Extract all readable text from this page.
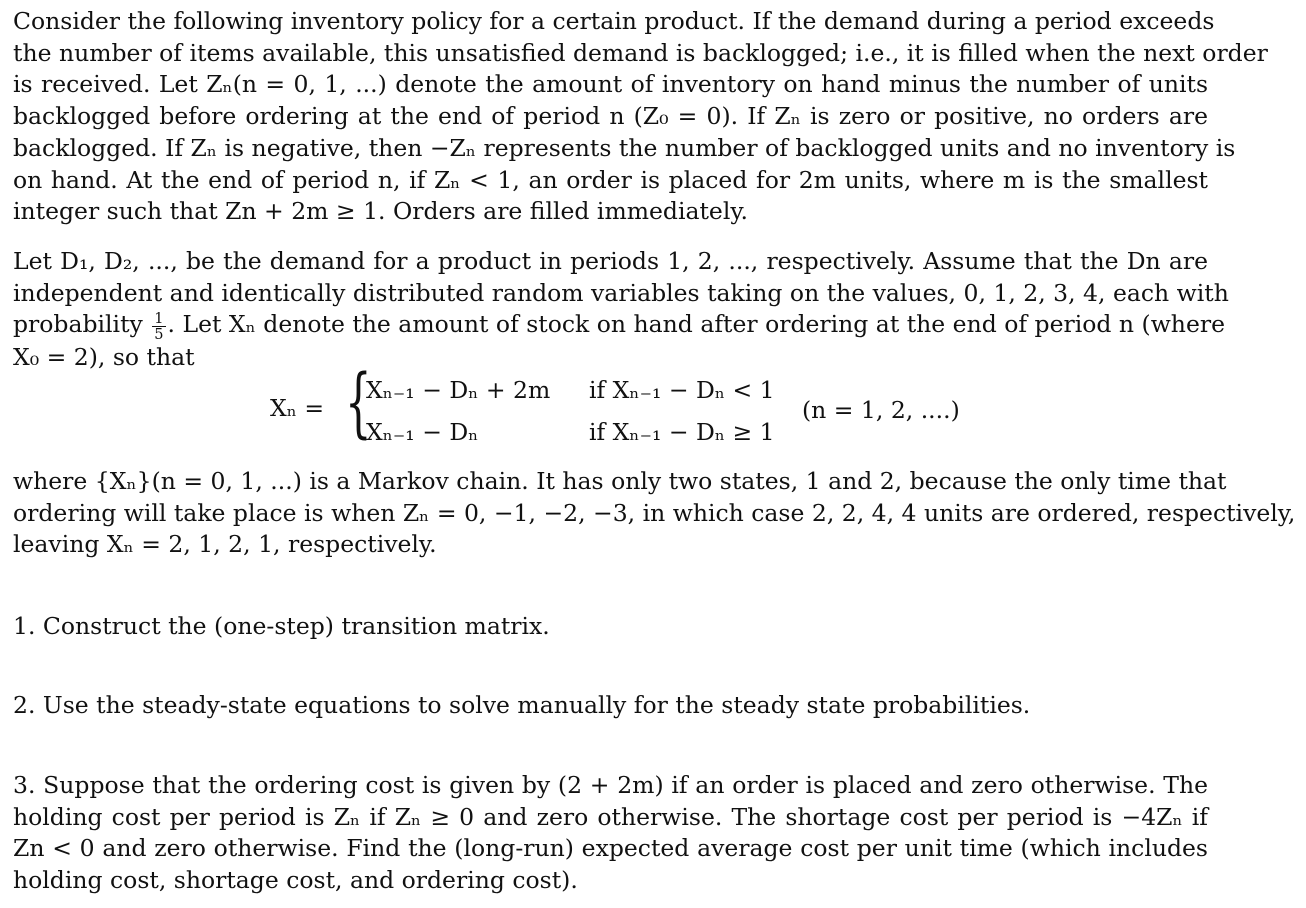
Consider the following inventory policy for a certain product. If the demand during a period exceeds
the number of items available, this unsatisfied demand is backlogged; i.e., it is filled when the next order
is received. Let Zₙ(n = 0, 1, ...) denote the amount of inventory on hand minus the number of units
backlogged before ordering at the end of period n (Z₀ = 0). If Zₙ is zero or positive, no orders are
backlogged. If Zₙ is negative, then −Zₙ represents the number of backlogged units and no inventory is
on hand. At the end of period n, if Zₙ < 1, an order is placed for 2m units, where m is the smallest
integer such that Zn + 2m ≥ 1. Orders are filled immediately.
Let D₁, D₂, ..., be the demand for a product in periods 1, 2, ..., respectively. Assume that the Dn are
independent and identically distributed random variables taking on the values, 0, 1, 2, 3, 4, each with
probability $\frac{1}{5}$ . Let Xₙ denote the amount of stock on hand after ordering at the end of period n (where
X₀ = 2), so that
Xₙ = {
Xₙ₋₁ − Dₙ + 2m if Xₙ₋₁ − Dₙ < 1
Xₙ₋₁ − Dₙ	if Xₙ₋₁ − Dₙ ≥ 1
(n = 1, 2, ....)
where {Xₙ}(n = 0, 1, ...) is a Markov chain. It has only two states, 1 and 2, because the only time that
ordering will take place is when Zₙ = 0, −1, −2, −3, in which case 2, 2, 4, 4 units are ordered, respectively,
leaving Xₙ = 2, 1, 2, 1, respectively.
1. Construct the (one-step) transition matrix.
2. Use the steady-state equations to solve manually for the steady state probabilities.
3. Suppose that the ordering cost is given by (2 + 2m) if an order is placed and zero otherwise. The
holding cost per period is Zₙ if Zₙ ≥ 0 and zero otherwise. The shortage cost per period is −4Zₙ if
Zn < 0 and zero otherwise. Find the (long-run) expected average cost per unit time (which includes
holding cost, shortage cost, and ordering cost).
